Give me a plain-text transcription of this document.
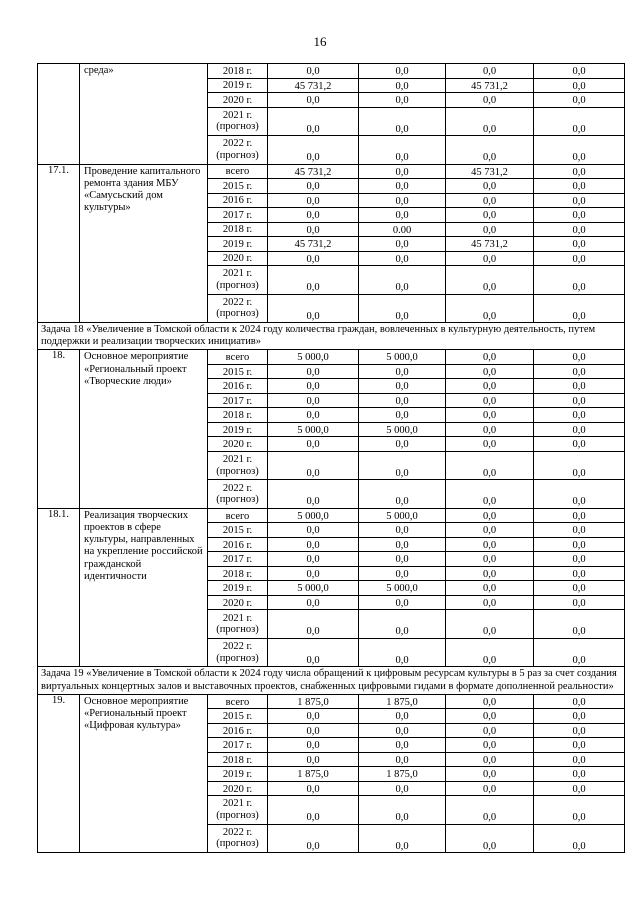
16
	среда»	2018 г.	0,0	0,0	0,0	0,0

		2019 г.	45 731,2	0,0	45 731,2	0,0

		2020 г.	0,0	0,0	0,0	0,0

		2021 г.
(прогноз)	0,0	0,0	0,0	0,0

		2022 г.
(прогноз)	0,0	0,0	0,0	0,0
17.1.	Проведение капитального ремонта здания МБУ «Самусьский дом культуры»	всего	45 731,2	0,0	45 731,2	0,0

		2015 г.	0,0	0,0	0,0	0,0

		2016 г.	0,0	0,0	0,0	0,0

		2017 г.	0,0	0,0	0,0	0,0

		2018 г.	0,0	0.00	0,0	0,0

		2019 г.	45 731,2	0,0	45 731,2	0,0

		2020 г.	0,0	0,0	0,0	0,0

		2021 г.
(прогноз)	0,0	0,0	0,0	0,0

		2022 г.
(прогноз)	0,0	0,0	0,0	0,0
Задача 18 «Увеличение в Томской области к 2024 году количества граждан, вовлеченных в культурную деятельность, путем поддержки и реализации творческих инициатив»						
18.	Основное мероприятие «Региональный проект «Творческие люди»	всего	5 000,0	5 000,0	0,0	0,0

		2015 г.	0,0	0,0	0,0	0,0

		2016 г.	0,0	0,0	0,0	0,0

		2017 г.	0,0	0,0	0,0	0,0

		2018 г.	0,0	0,0	0,0	0,0

		2019 г.	5 000,0	5 000,0	0,0	0,0

		2020 г.	0,0	0,0	0,0	0,0

		2021 г.
(прогноз)	0,0	0,0	0,0	0,0

		2022 г.
(прогноз)	0,0	0,0	0,0	0,0
18.1.	Реализация творческих проектов в сфере культуры, направленных на укрепление российской гражданской идентичности	всего	5 000,0	5 000,0	0,0	0,0

		2015 г.	0,0	0,0	0,0	0,0

		2016 г.	0,0	0,0	0,0	0,0

		2017 г.	0,0	0,0	0,0	0,0

		2018 г.	0,0	0,0	0,0	0,0

		2019 г.	5 000,0	5 000,0	0,0	0,0

		2020 г.	0,0	0,0	0,0	0,0

		2021 г.
(прогноз)	0,0	0,0	0,0	0,0

		2022 г.
(прогноз)	0,0	0,0	0,0	0,0
Задача 19 «Увеличение в Томской области к 2024 году числа обращений к цифровым ресурсам культуры в 5 раз за счет создания виртуальных концертных залов и выставочных проектов, снабженных цифровыми гидами в формате дополненной реальности»						
19.	Основное мероприятие «Региональный проект «Цифровая культура»	всего	1 875,0	1 875,0	0,0	0,0

		2015 г.	0,0	0,0	0,0	0,0

		2016 г.	0,0	0,0	0,0	0,0

		2017 г.	0,0	0,0	0,0	0,0

		2018 г.	0,0	0,0	0,0	0,0

		2019 г.	1 875,0	1 875,0	0,0	0,0

		2020 г.	0,0	0,0	0,0	0,0

		2021 г.
(прогноз)	0,0	0,0	0,0	0,0

		2022 г.
(прогноз)	0,0	0,0	0,0	0,0
